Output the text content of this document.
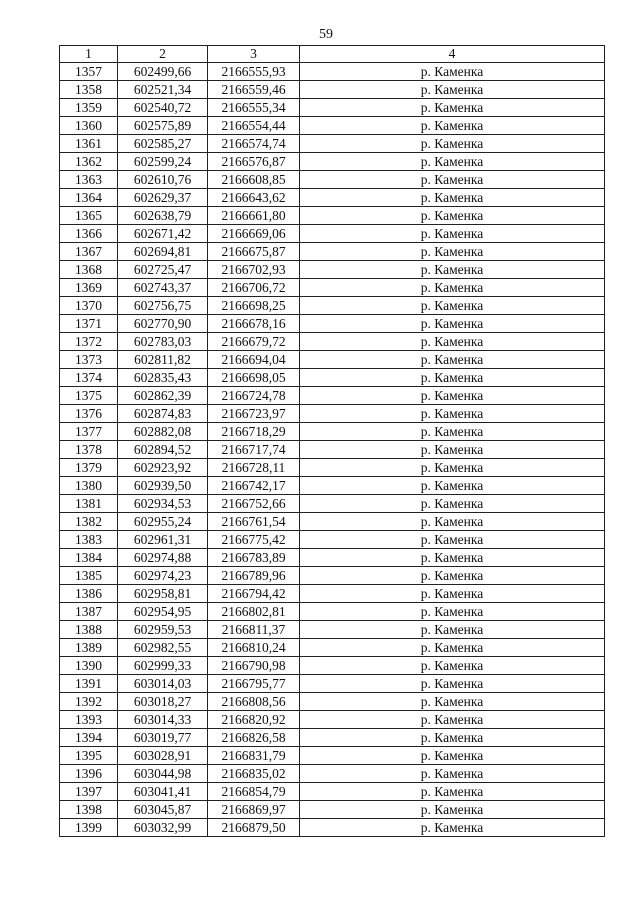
59
1	2	3	4
1357	602499,66	2166555,93	р. Каменка
1358	602521,34	2166559,46	р. Каменка
1359	602540,72	2166555,34	р. Каменка
1360	602575,89	2166554,44	р. Каменка
1361	602585,27	2166574,74	р. Каменка
1362	602599,24	2166576,87	р. Каменка
1363	602610,76	2166608,85	р. Каменка
1364	602629,37	2166643,62	р. Каменка
1365	602638,79	2166661,80	р. Каменка
1366	602671,42	2166669,06	р. Каменка
1367	602694,81	2166675,87	р. Каменка
1368	602725,47	2166702,93	р. Каменка
1369	602743,37	2166706,72	р. Каменка
1370	602756,75	2166698,25	р. Каменка
1371	602770,90	2166678,16	р. Каменка
1372	602783,03	2166679,72	р. Каменка
1373	602811,82	2166694,04	р. Каменка
1374	602835,43	2166698,05	р. Каменка
1375	602862,39	2166724,78	р. Каменка
1376	602874,83	2166723,97	р. Каменка
1377	602882,08	2166718,29	р. Каменка
1378	602894,52	2166717,74	р. Каменка
1379	602923,92	2166728,11	р. Каменка
1380	602939,50	2166742,17	р. Каменка
1381	602934,53	2166752,66	р. Каменка
1382	602955,24	2166761,54	р. Каменка
1383	602961,31	2166775,42	р. Каменка
1384	602974,88	2166783,89	р. Каменка
1385	602974,23	2166789,96	р. Каменка
1386	602958,81	2166794,42	р. Каменка
1387	602954,95	2166802,81	р. Каменка
1388	602959,53	2166811,37	р. Каменка
1389	602982,55	2166810,24	р. Каменка
1390	602999,33	2166790,98	р. Каменка
1391	603014,03	2166795,77	р. Каменка
1392	603018,27	2166808,56	р. Каменка
1393	603014,33	2166820,92	р. Каменка
1394	603019,77	2166826,58	р. Каменка
1395	603028,91	2166831,79	р. Каменка
1396	603044,98	2166835,02	р. Каменка
1397	603041,41	2166854,79	р. Каменка
1398	603045,87	2166869,97	р. Каменка
1399	603032,99	2166879,50	р. Каменка
